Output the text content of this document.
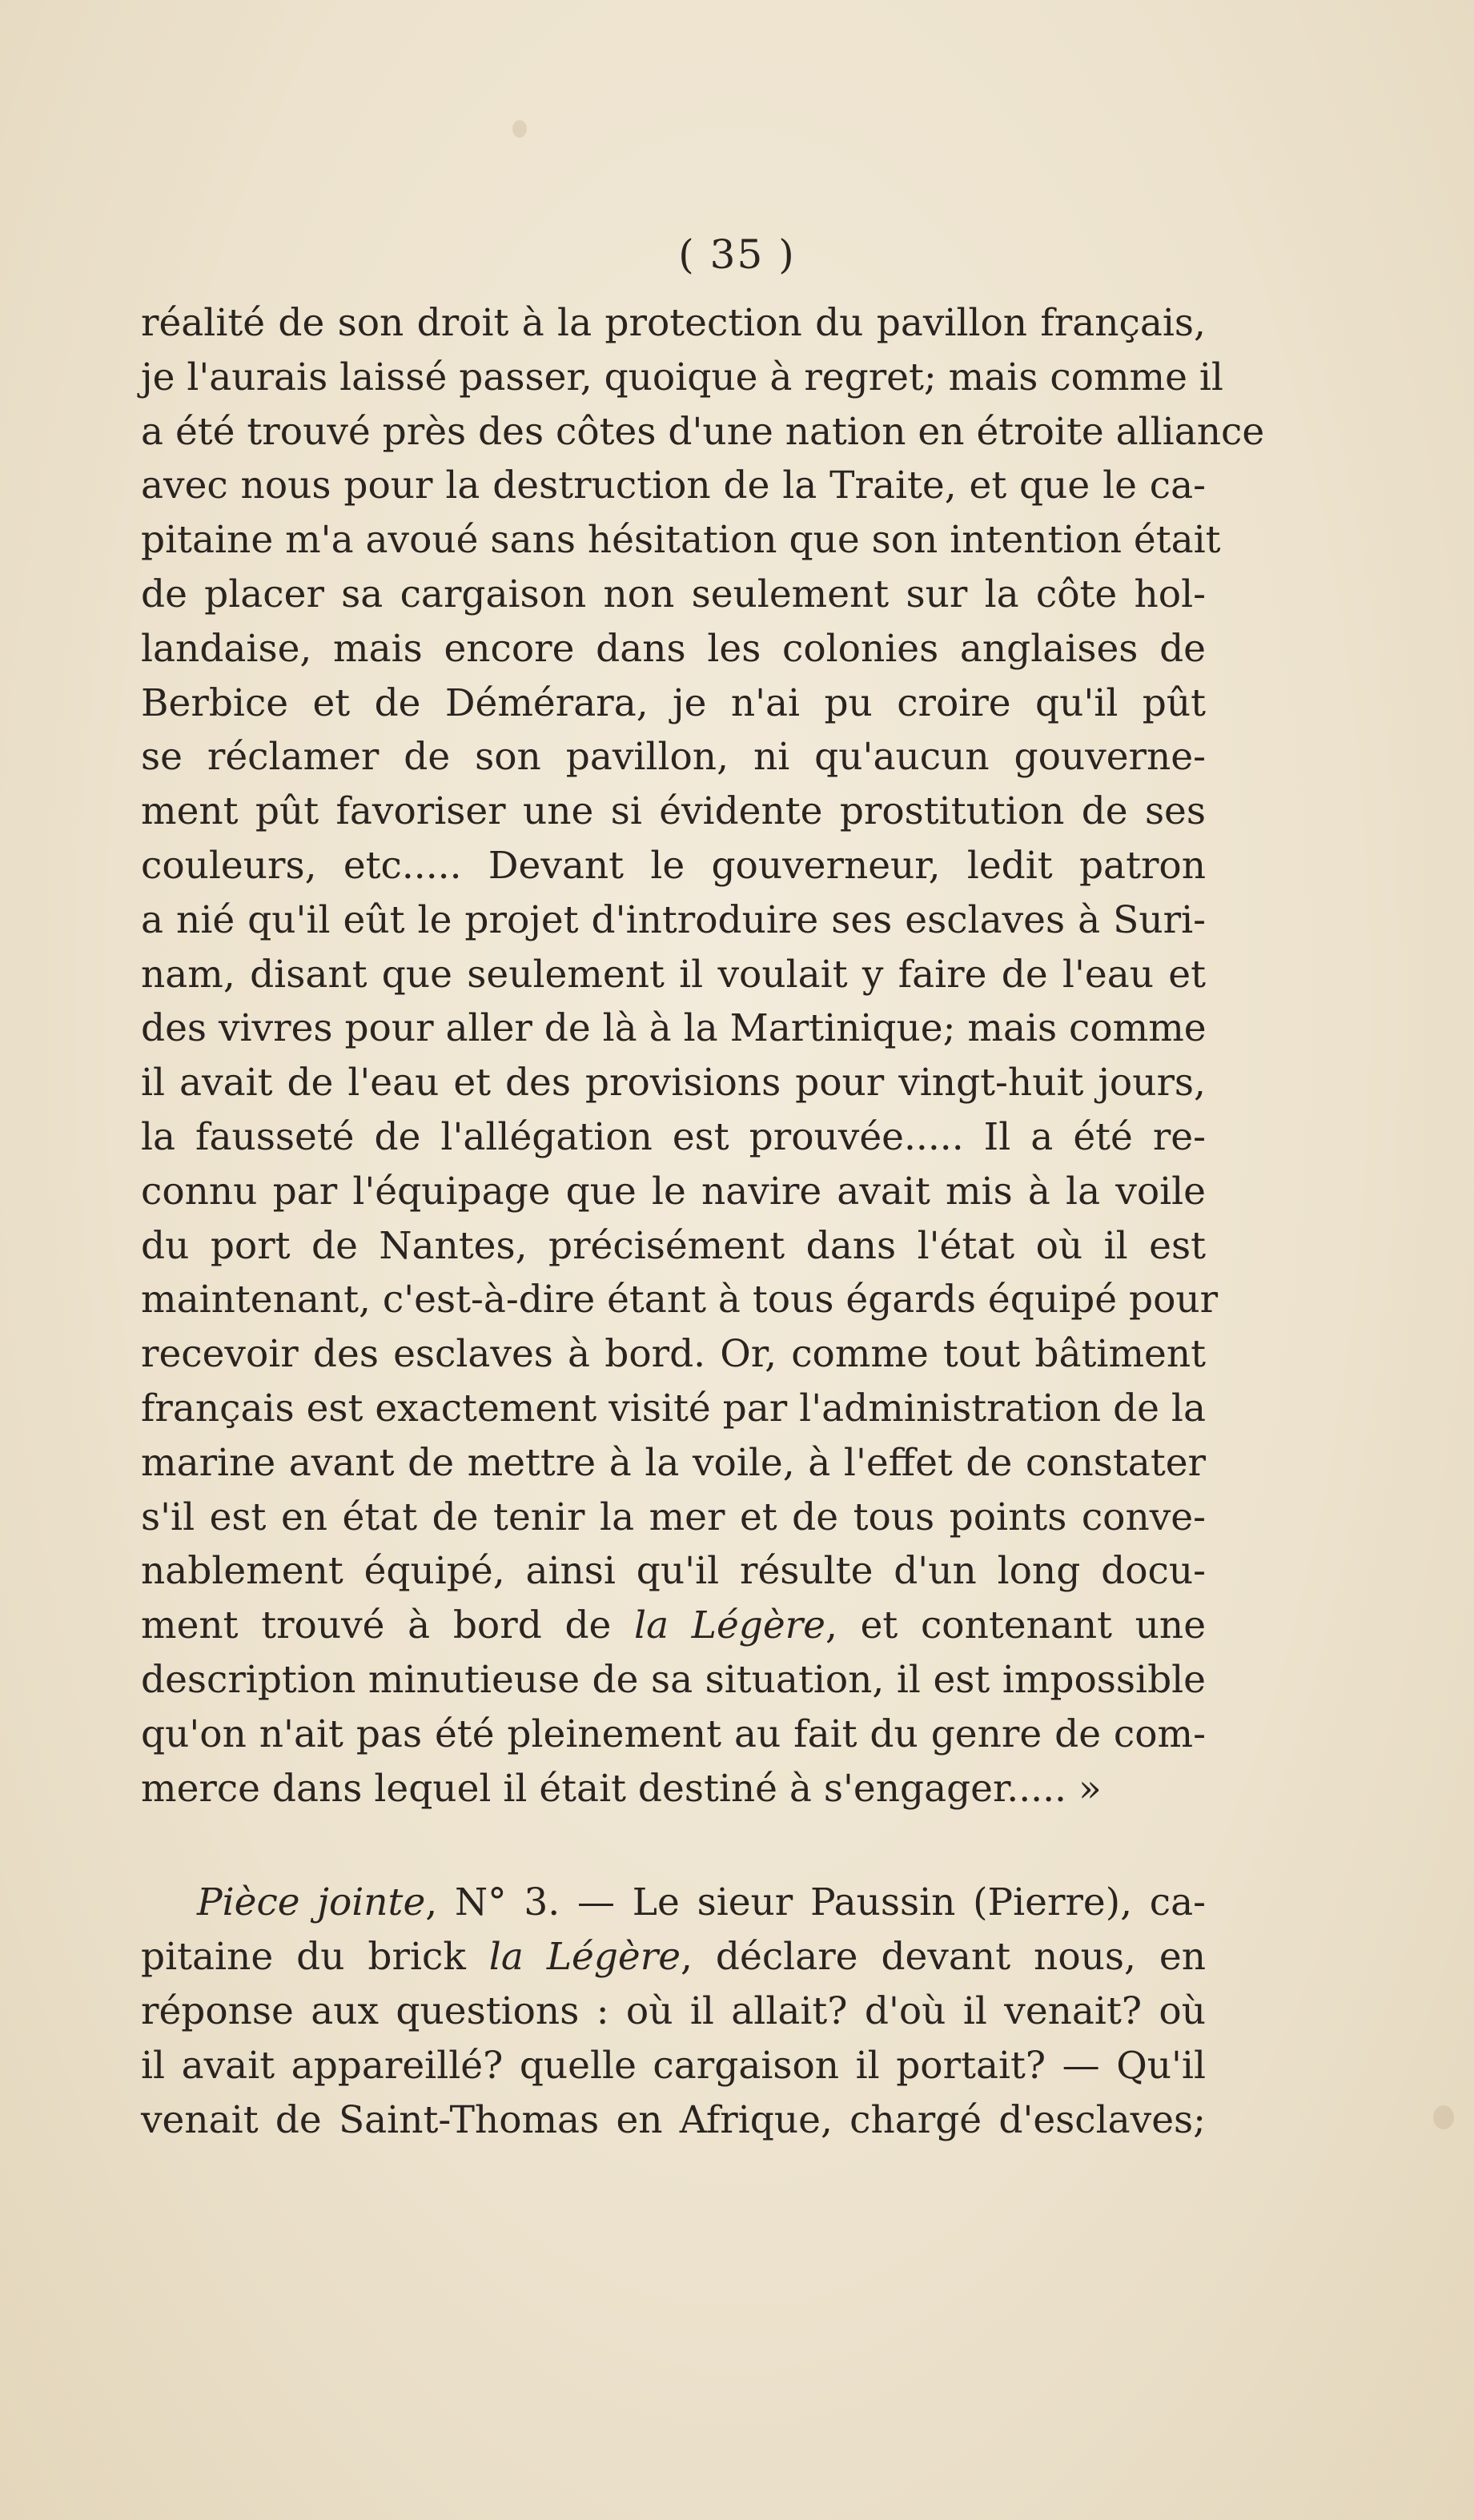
( 35 )
réalité de son droit à la protection du pavillon français,
je l'aurais laissé passer, quoique à regret; mais comme il
a été trouvé près des côtes d'une nation en étroite alliance
avec nous pour la destruction de la Traite, et que le ca-
pitaine m'a avoué sans hésitation que son intention était
de placer sa cargaison non seulement sur la côte hol-
landaise, mais encore dans les colonies anglaises de
Berbice et de Démérara, je n'ai pu croire qu'il pût
se réclamer de son pavillon, ni qu'aucun gouverne-
ment pût favoriser une si évidente prostitution de ses
couleurs, etc..... Devant le gouverneur, ledit patron
a nié qu'il eût le projet d'introduire ses esclaves à Suri-
nam, disant que seulement il voulait y faire de l'eau et
des vivres pour aller de là à la Martinique; mais comme
il avait de l'eau et des provisions pour vingt-huit jours,
la fausseté de l'allégation est prouvée..... Il a été re-
connu par l'équipage que le navire avait mis à la voile
du port de Nantes, précisément dans l'état où il est
maintenant, c'est-à-dire étant à tous égards équipé pour
recevoir des esclaves à bord. Or, comme tout bâtiment
français est exactement visité par l'administration de la
marine avant de mettre à la voile, à l'effet de constater
s'il est en état de tenir la mer et de tous points conve-
nablement équipé, ainsi qu'il résulte d'un long docu-
ment trouvé à bord de la Légère, et contenant une
description minutieuse de sa situation, il est impossible
qu'on n'ait pas été pleinement au fait du genre de com-
merce dans lequel il était destiné à s'engager..... »
Pièce jointe, N° 3. — Le sieur Paussin (Pierre), ca-
pitaine du brick la Légère, déclare devant nous, en
réponse aux questions : où il allait? d'où il venait? où
il avait appareillé? quelle cargaison il portait? — Qu'il
venait de Saint-Thomas en Afrique, chargé d'esclaves;
